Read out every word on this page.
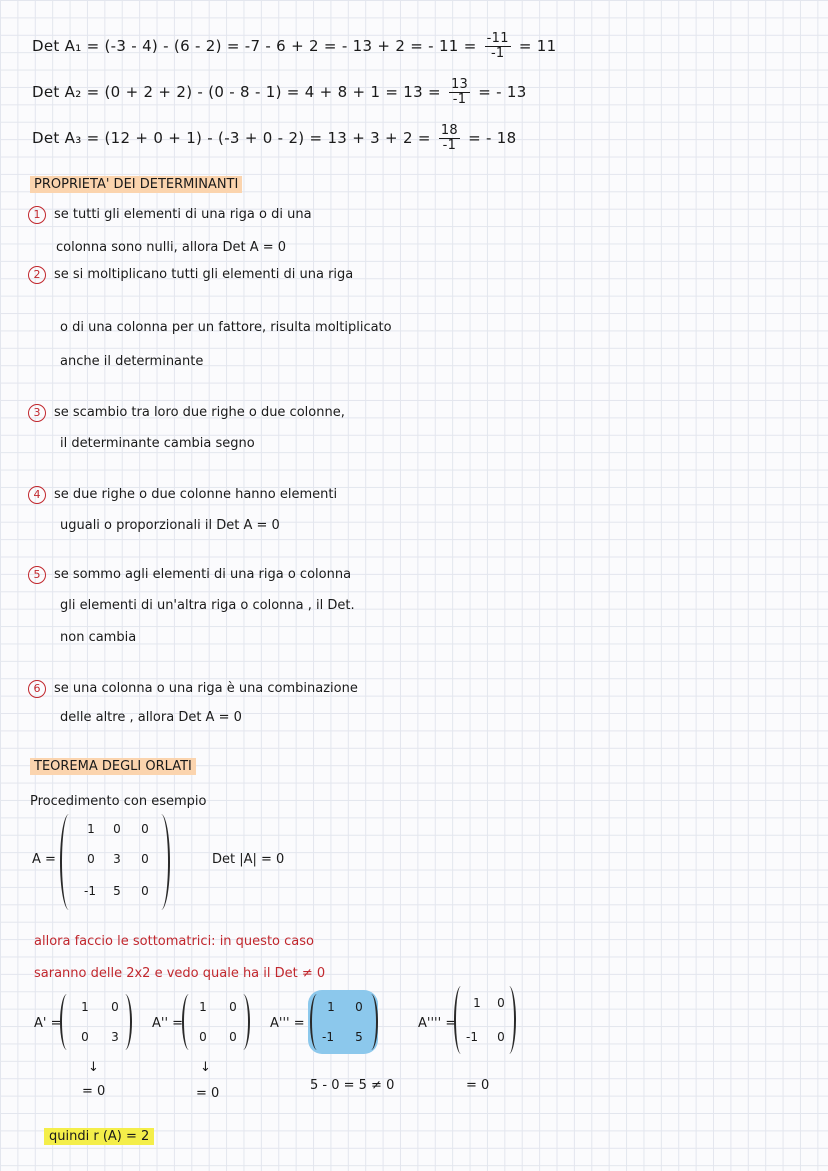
Det A₁ = (-3 - 4) - (6 - 2) = -7 - 6 + 2 = - 13 + 2 = - $11 = \frac{-11}{-1} = 11$
Det $A_2 = (0 + 2 + 2) - (0 - 8 - 1) = 4 + 8 + 1 = 13 = \frac{13}{-1}$ = - 13
Det $A_3 = (12 + 0 + 1) - (-3 + 0 - 2) = 13 + 3 + 2 = \frac{18}{-1}$ = - 18
PROPRIETA' DEI DETERMINANTI
1 se tutti gli elementi di una riga o di una
colonna sono nulli, allora Det A = 0
2 se si moltiplicano tutti gli elementi di una riga
o di una colonna per un fattore, risulta moltiplicato
anche il determinante
3 se scambio tra loro due righe o due colonne,
il determinante cambia segno
4 se due righe o due colonne hanno elementi
uguali o proporzionali il Det A = 0
5 se sommo agli elementi di una riga o colonna
gli elementi di un'altra riga o colonna , il Det.
non cambia
6 se una colonna o una riga è una combinazione
delle altre , allora Det A = 0
TEOREMA DEGLI ORLATI
Procedimento con esempio
A =
1 0 0
0 3 0
-1	5 0
Det |A| = 0
allora faccio le sottomatrici: in questo caso
saranno delle 2x2 e vedo quale ha il Det ≠ 0
A' =
1 0
0 3
↓
= 0
A'' =
1 0
0 0
↓
= 0
A''' =
1 0
-1	5
5 - 0 = 5 ≠ 0
A'''' =
1 0
-1	0
= 0
quindi r (A) = 2
